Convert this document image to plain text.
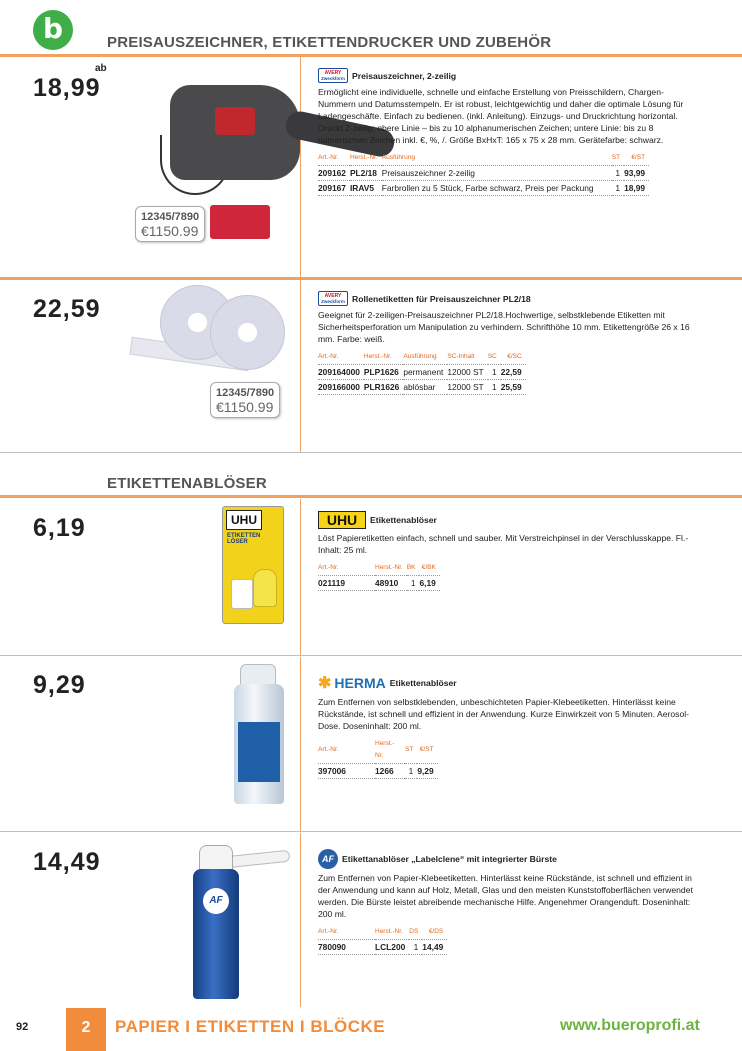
b	PREISAUSZEICHNER, ETIKETTENDRUCKER UND ZUBEHÖR
ab
18,99
12345/7890
€1150.99
AVERY
Zweckform Preisauszeichner, 2-zeilig
Ermöglicht eine individuelle, schnelle und einfache Erstellung von Preisschildern, Chargen-Nummern und Datumsstempeln. Er ist robust, leichtgewichtig und daher die optimale Lösung für Ladengeschäfte. Einfach zu bedienen. (inkl. Anleitung). Einzugs- und Druckrichtung horizontal. Druckt 2-zeilig: obere Linie – bis zu 10 alphanumerischen Zeichen; untere Linie: bis zu 8 numerischen Zeichen inkl. €, %, /. Größe BxHxT: 165 x 75 x 28 mm. Gerätefarbe: schwarz.
Art.-Nr.	Herst.-Nr.	Ausführung	ST	€/ST
209162	PL2/18	Preisauszeichner 2-zeilig	1	93,99
209167	IRAV5	Farbrollen zu 5 Stück, Farbe schwarz, Preis per Packung	1	18,99
22,59
12345/7890
€1150.99
AVERY
Zweckform Rollenetiketten für Preisauszeichner PL2/18
Geeignet für 2-zeiligen-Preisauszeichner PL2/18.Hochwertige, selbstklebende Etiketten mit Sicherheitsperforation um Manipulation zu verhindern. Schrifthöhe 10 mm. Etikettengröße 26 x 16 mm. Farbe: weiß.
Art.-Nr.	Herst.-Nr.	Ausführung	SC-Inhalt	SC	€/SC
209164000	PLP1626	permanent	12000 ST	1	22,59
209166000	PLR1626	ablösbar	12000 ST	1	25,59
ETIKETTENABLÖSER
6,19	UHU
ETIKETTEN LÖSER
UHU	Etikettenablöser
Löst Papieretiketten einfach, schnell und sauber. Mit Verstreichpinsel in der Verschlusskappe. Fl.-Inhalt: 25 ml.
Art.-Nr.	Herst.-Nr.	BK	€/BK
021119	48910	1	6,19
9,29	✱ HERMA Etikettenablöser
Zum Entfernen von selbstklebenden, unbeschichteten Papier-Klebeetiketten. Hinterlässt keine Rückstände, ist schnell und effizient in der Anwendung. Kurze Einwirkzeit von 5 Minuten. Aerosol-Dose. Doseninhalt: 200 ml.
Art.-Nr.	Herst.-Nr.	ST	€/ST
397006	1266	1	9,29
14,49
AF
AF Etikettanablöser „Labelclene“ mit integrierter Bürste
Zum Entfernen von Papier-Klebeetiketten. Hinterlässt keine Rückstände, ist schnell und effizient in der Anwendung und kann auf Holz, Metall, Glas und den meisten Kunststoffoberflächen verwendet werden. Die Bürste leistet abreibende mechanische Hilfe. Angenehmer Orangenduft. Doseninhalt: 200 ml.
Art.-Nr.	Herst.-Nr.	DS	€/DS
780090	LCL200	1	14,49
92	2	PAPIER I ETIKETTEN I BLÖCKE	www.bueroprofi.at
